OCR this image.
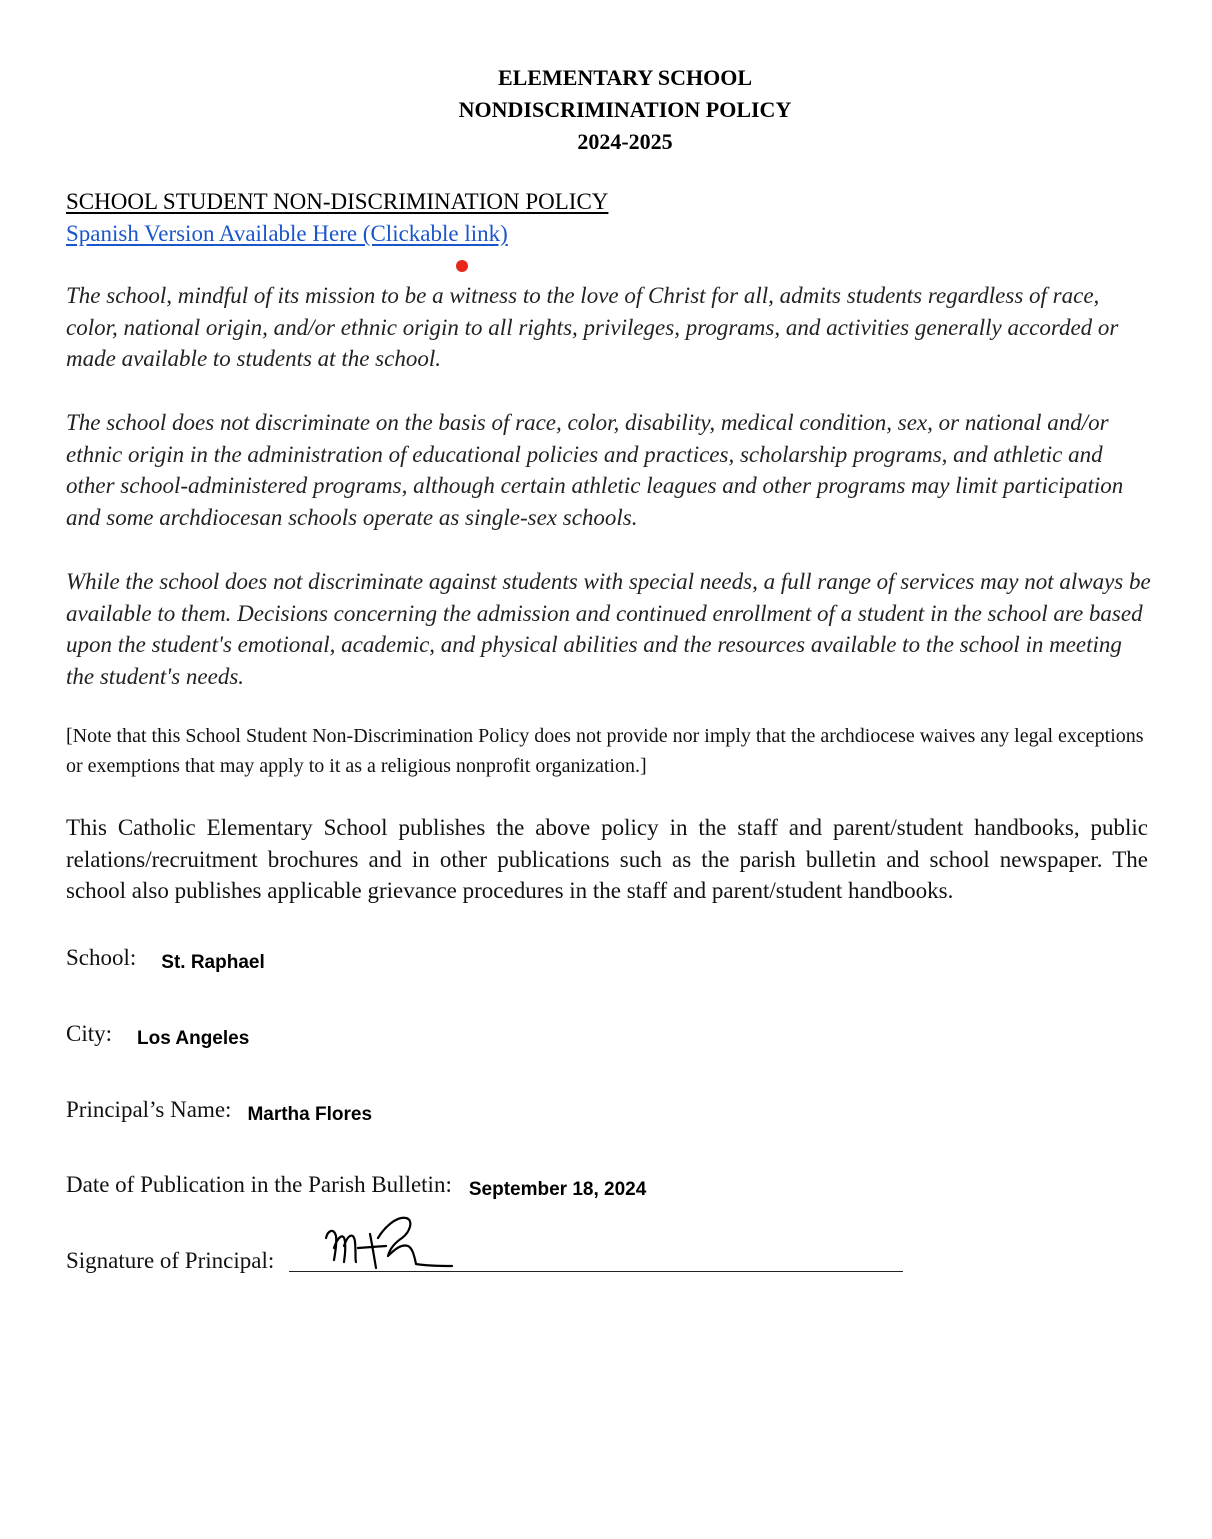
ELEMENTARY SCHOOL
NONDISCRIMINATION POLICY
2024-2025
SCHOOL STUDENT NON-DISCRIMINATION POLICY
Spanish Version Available Here (Clickable link)

The school, mindful of its mission to be a witness to the love of Christ for all, admits students regardless of race, color, national origin, and/or ethnic origin to all rights, privileges, programs, and activities generally accorded or made available to students at the school.

The school does not discriminate on the basis of race, color, disability, medical condition, sex, or national and/or ethnic origin in the administration of educational policies and practices, scholarship programs, and athletic and other school-administered programs, although certain athletic leagues and other programs may limit participation and some archdiocesan schools operate as single-sex schools.

While the school does not discriminate against students with special needs, a full range of services may not always be available to them. Decisions concerning the admission and continued enrollment of a student in the school are based upon the student's emotional, academic, and physical abilities and the resources available to the school in meeting the student's needs.

[Note that this School Student Non-Discrimination Policy does not provide nor imply that the archdiocese waives any legal exceptions or exemptions that may apply to it as a religious nonprofit organization.]

This Catholic Elementary School publishes the above policy in the staff and parent/student handbooks, public relations/recruitment brochures and in other publications such as the parish bulletin and school newspaper. The school also publishes applicable grievance procedures in the staff and parent/student handbooks.

School: St. Raphael
City: Los Angeles
Principal’s Name: Martha Flores
Date of Publication in the Parish Bulletin: September 18, 2024
Signature of Principal:
